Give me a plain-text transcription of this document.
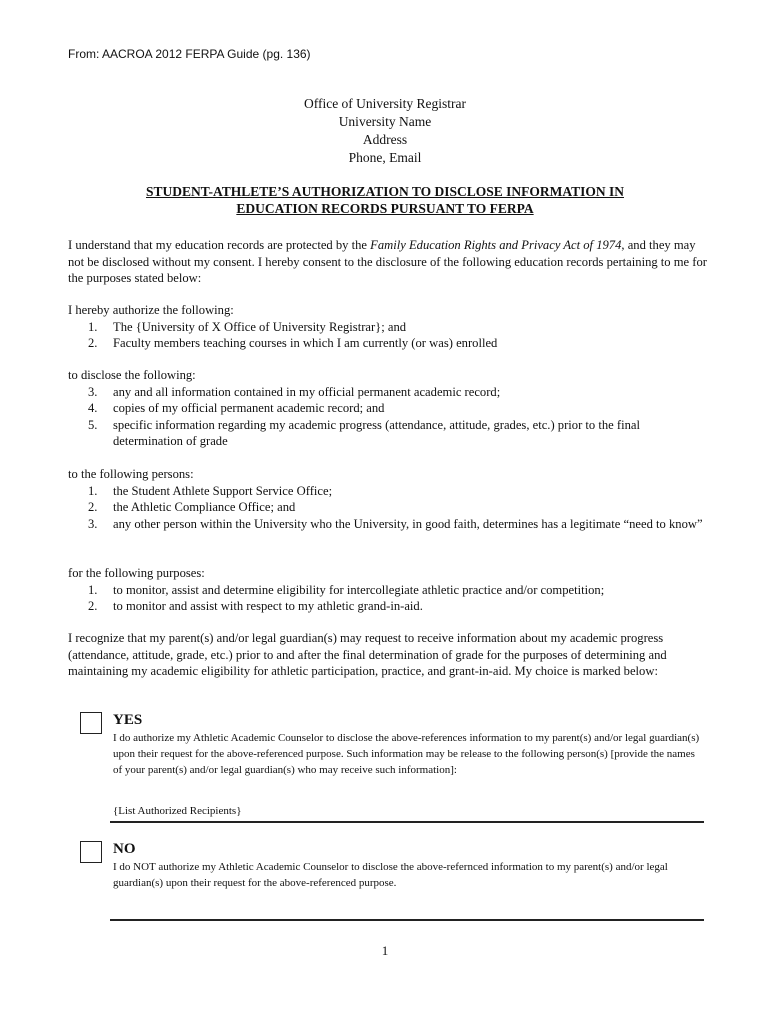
From: AACROA 2012 FERPA Guide (pg. 136)
Office of University Registrar
University Name
Address
Phone, Email
STUDENT-ATHLETE’S AUTHORIZATION TO DISCLOSE INFORMATION IN
EDUCATION RECORDS PURSUANT TO FERPA
I understand that my education records are protected by the Family Education Rights and Privacy Act of 1974, and they may not be disclosed without my consent. I hereby consent to the disclosure of the following education records pertaining to me for the purposes stated below:
I hereby authorize the following:
1. The {University of X Office of University Registrar}; and
2. Faculty members teaching courses in which I am currently (or was) enrolled
to disclose the following:
3. any and all information contained in my official permanent academic record;
4. copies of my official permanent academic record; and
5. specific information regarding my academic progress (attendance, attitude, grades, etc.) prior to the final determination of grade
to the following persons:
1. the Student Athlete Support Service Office;
2. the Athletic Compliance Office; and
3. any other person within the University who the University, in good faith, determines has a legitimate “need to know”
for the following purposes:
1. to monitor, assist and determine eligibility for intercollegiate athletic practice and/or competition;
2. to monitor and assist with respect to my athletic grand-in-aid.
I recognize that my parent(s) and/or legal guardian(s) may request to receive information about my academic progress (attendance, attitude, grade, etc.) prior to and after the final determination of grade for the purposes of determining and maintaining my academic eligibility for athletic participation, practice, and grant-in-aid. My choice is marked below:
YES
I do authorize my Athletic Academic Counselor to disclose the above-references information to my parent(s) and/or legal guardian(s) upon their request for the above-referenced purpose. Such information may be release to the following person(s) [provide the names of your parent(s) and/or legal guardian(s) who may receive such information]:
{List Authorized Recipients}
NO
I do NOT authorize my Athletic Academic Counselor to disclose the above-refernced information to my parent(s) and/or legal guardian(s) upon their request for the above-referenced purpose.
1
